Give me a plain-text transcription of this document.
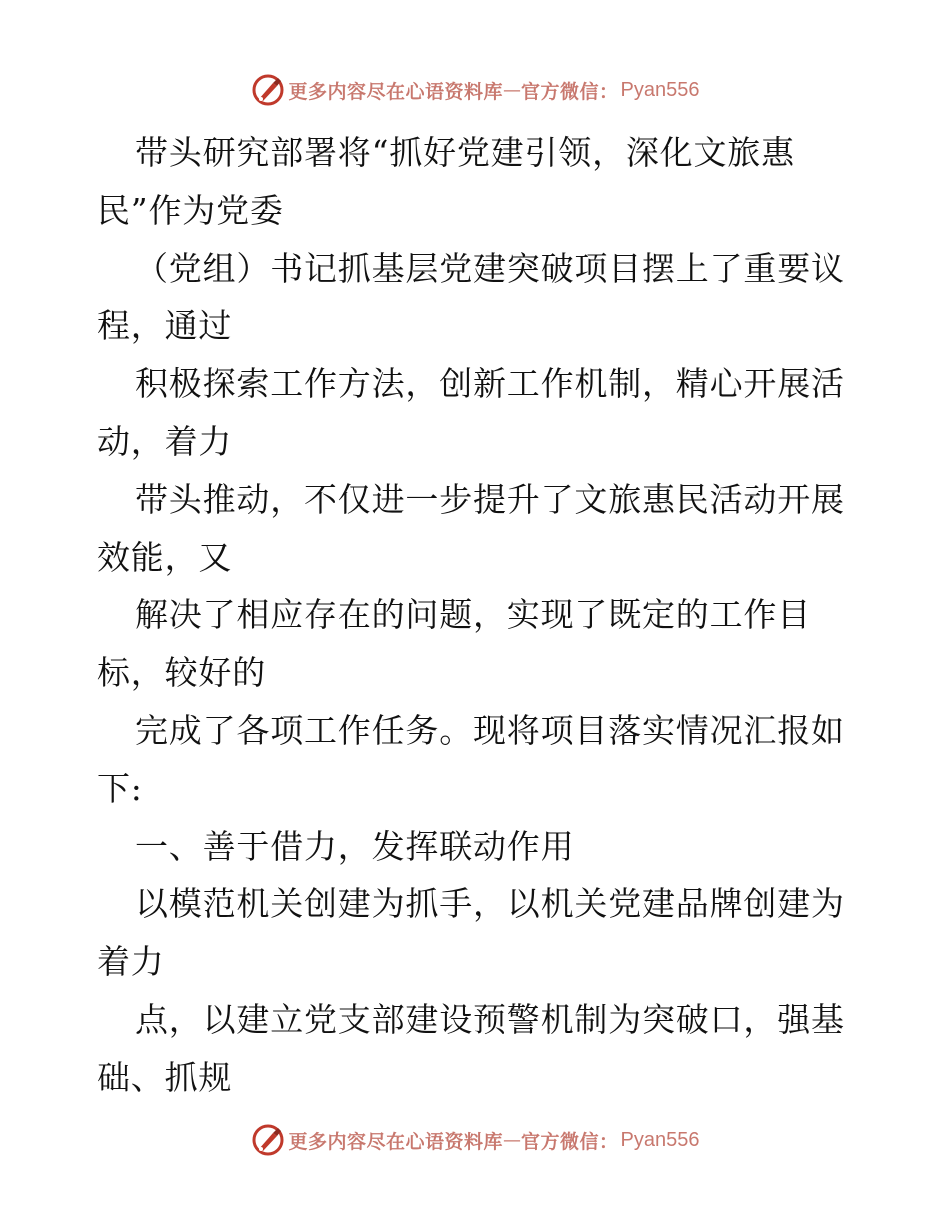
更多内容尽在心语资料库 — 官方微信： Pyan556
带头研究部署将“抓好党建引领，深化文旅惠
民”作为党委
（党组）书记抓基层党建突破项目摆上了重要议
程，通过
积极探索工作方法，创新工作机制，精心开展活
动，着力
带头推动，不仅进一步提升了文旅惠民活动开展
效能，又
解决了相应存在的问题，实现了既定的工作目
标，较好的
完成了各项工作任务。现将项目落实情况汇报如
下:
一、善于借力，发挥联动作用
以模范机关创建为抓手，以机关党建品牌创建为
着力
点，以建立党支部建设预警机制为突破口，强基
础、抓规
更多内容尽在心语资料库 — 官方微信： Pyan556
